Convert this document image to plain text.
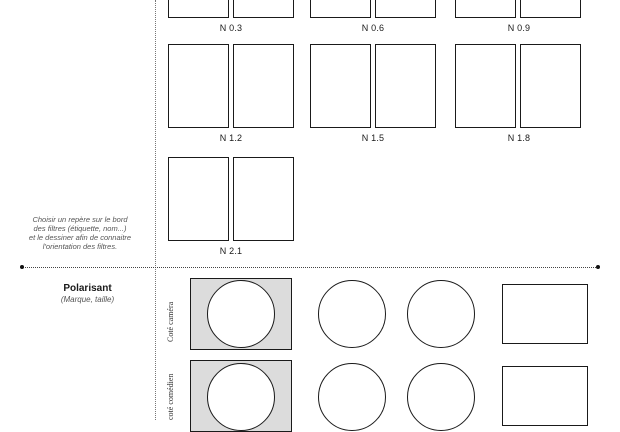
N 0.3	N 0.6	N 0.9
N 1.2	N 1.5	N 1.8
N 2.1
Choisir un repère sur le bord
des filtres (étiquette, nom...)
et le dessiner afin de connaitre
l'orientation des filtres.
Polarisant
(Marque, taille)
Coté caméra
coté comédien
